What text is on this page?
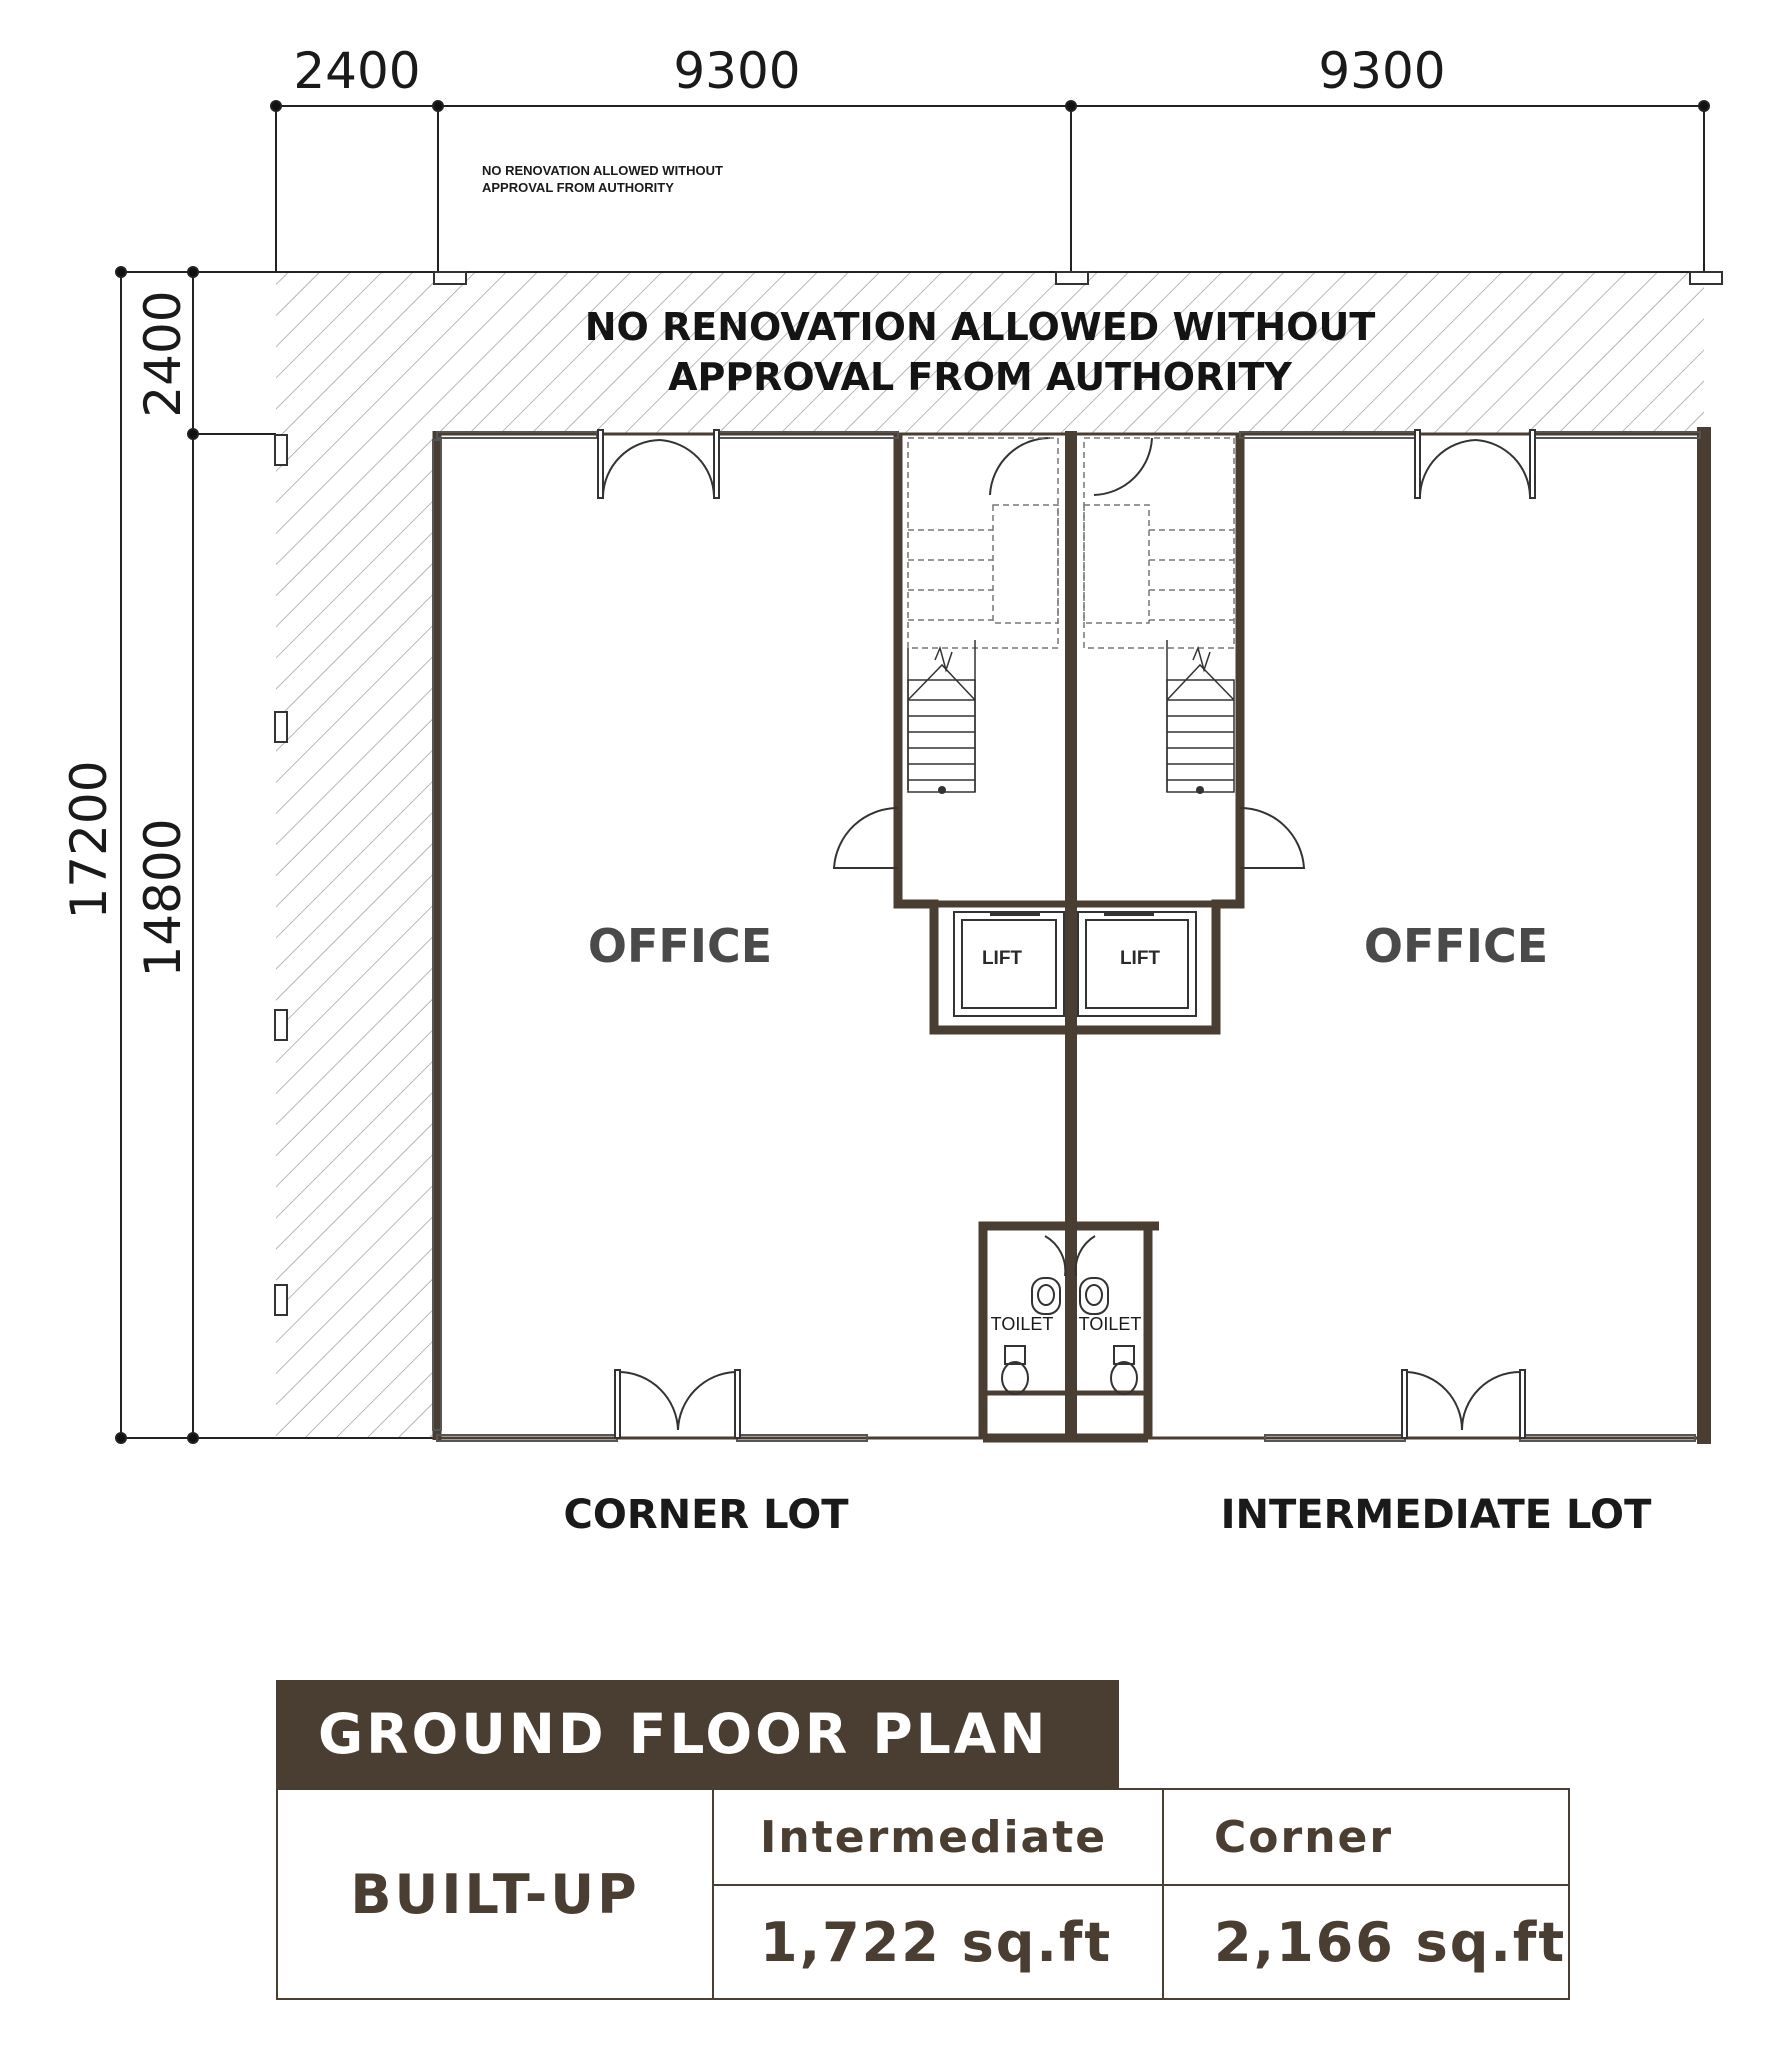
2400	9300	9300
2400
17200 14800
NO RENOVATION ALLOWED WITHOUT
APPROVAL FROM AUTHORITY
NO RENOVATION ALLOWED WITHOUT
APPROVAL FROM AUTHORITY
LIFT	LIFT
TOILET TOILET
OFFICE	OFFICE
CORNER LOT	INTERMEDIATE LOT
GROUND FLOOR PLAN
BUILT-UP
Intermediate	Corner
1,722 sq.ft	2,166 sq.ft
